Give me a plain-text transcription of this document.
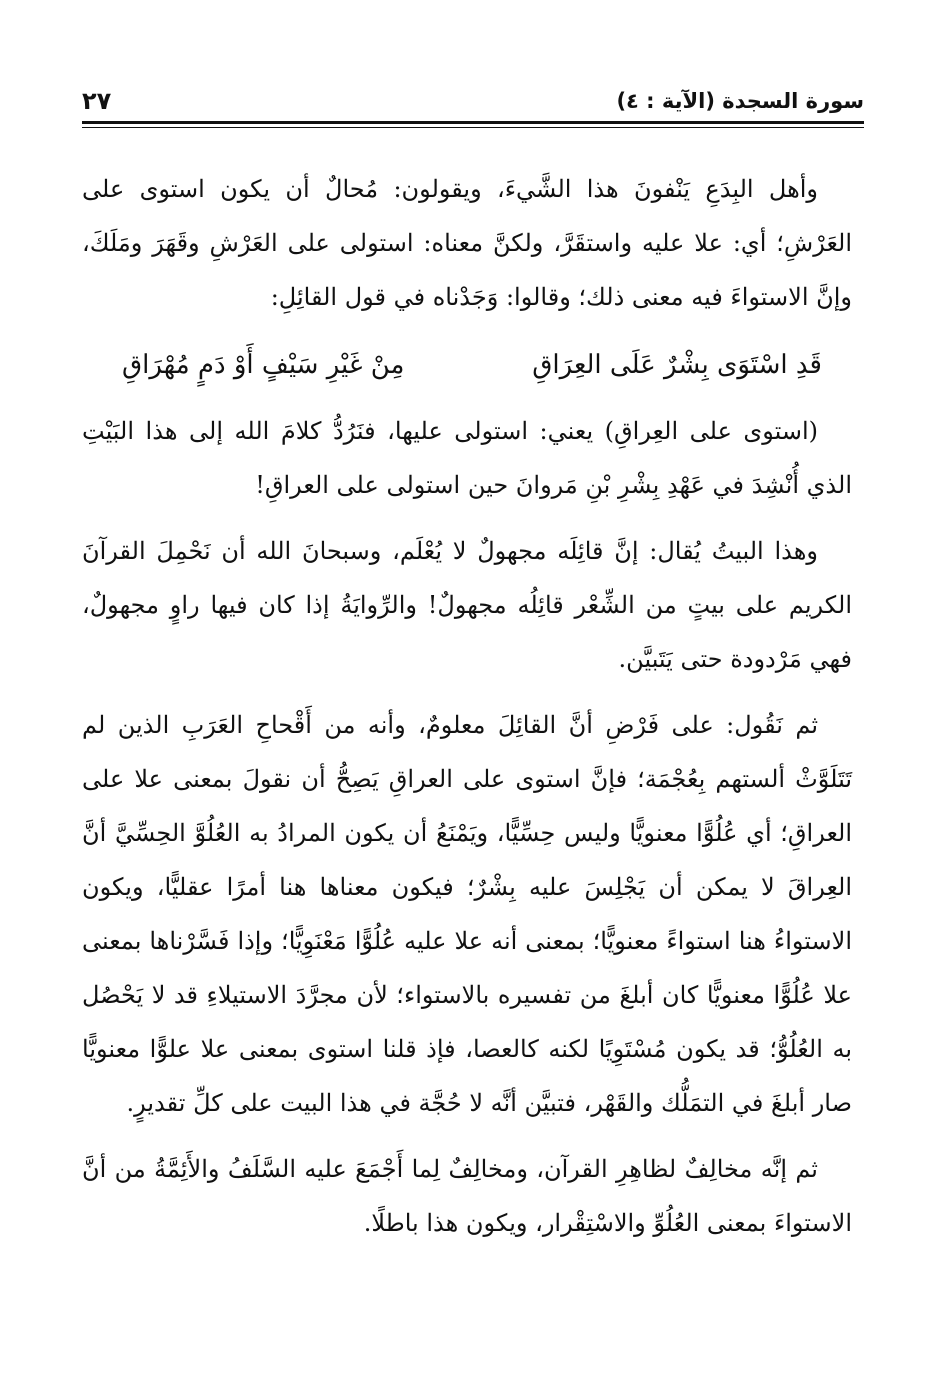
سورة السجدة (الآية : ٤)
٢٧

وأهل البِدَعِ يَنْفونَ هذا الشَّيءَ، ويقولون: مُحالٌ أن يكون استوى على العَرْشِ؛ أي: علا عليه واستقَرَّ، ولكنَّ معناه: استولى على العَرْشِ وقَهَرَ ومَلَكَ، وإنَّ الاستواءَ فيه معنى ذلك؛ وقالوا: وَجَدْناه في قول القائِلِ:

قَدِ اسْتَوَى بِشْرٌ عَلَى العِرَاقِ
مِنْ غَيْرِ سَيْفٍ أَوْ دَمٍ مُهْرَاقِ

(استوى على العِراقِ) يعني: استولى عليها، فنَرُدُّ كلامَ الله إلى هذا البَيْتِ الذي أُنْشِدَ في عَهْدِ بِشْرِ بْنِ مَروانَ حين استولى على العراقِ!

وهذا البيتُ يُقال: إنَّ قائِلَه مجهولٌ لا يُعْلَم، وسبحانَ الله أن نَحْمِلَ القرآنَ الكريم على بيتٍ من الشِّعْر قائِلُه مجهولٌ! والرِّوايَةُ إذا كان فيها راوٍ مجهولٌ، فهي مَرْدودة حتى يَتَبيَّن.

ثم نَقُول: على فَرْضِ أنَّ القائِلَ معلومٌ، وأنه من أَقْحاحِ العَرَبِ الذين لم تَتَلَوَّثْ ألستهم بِعُجْمَة؛ فإنَّ استوى على العراقِ يَصِحُّ أن نقولَ بمعنى علا على العراقِ؛ أي عُلُوًّا معنويًّا وليس حِسِّيًّا، ويَمْنَعُ أن يكون المرادُ به العُلُوَّ الحِسِّيَّ أنَّ العِراقَ لا يمكن أن يَجْلِسَ عليه بِشْرٌ؛ فيكون معناها هنا أمرًا عقليًّا، ويكون الاستواءُ هنا استواءً معنويًّا؛ بمعنى أنه علا عليه عُلُوًّا مَعْنَوِيًّا؛ وإذا فَسَّرْناها بمعنى علا عُلُوًّا معنويًّا كان أبلغَ من تفسيره بالاستواء؛ لأن مجرَّدَ الاستيلاءِ قد لا يَحْصُل به العُلُوُّ؛ قد يكون مُسْتَوِيًا لكنه كالعصا، فإذ قلنا استوى بمعنى علا علوًّا معنويًّا صار أبلغَ في التمَلُّك والقَهْر، فتبيَّن أنَّه لا حُجَّة في هذا البيت على كلِّ تقديرٍ.

ثم إنَّه مخالِفٌ لظاهِرِ القرآن، ومخالِفٌ لِما أَجْمَعَ عليه السَّلَفُ والأَئِمَّةُ من أنَّ الاستواءَ بمعنى العُلُوِّ والاسْتِقْرار، ويكون هذا باطلًا.
